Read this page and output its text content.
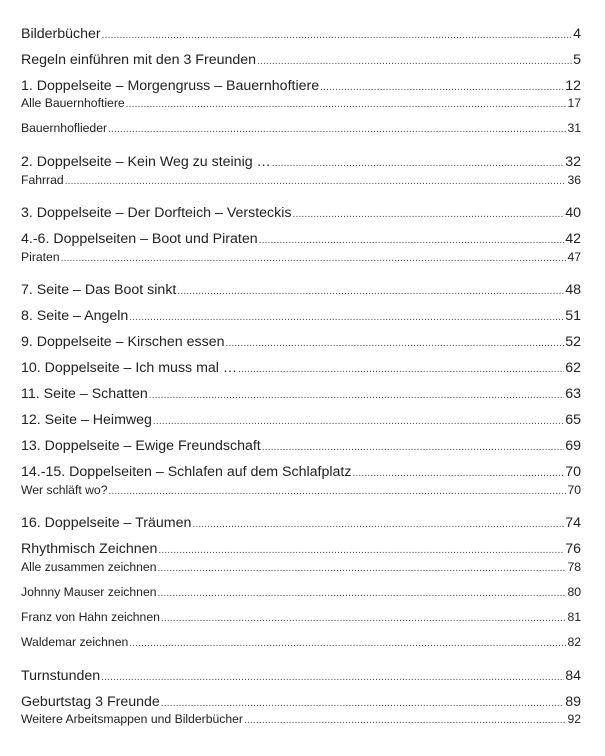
Bilderbücher .....	4
Regeln einführen mit den 3 Freunden .....	5
1. Doppelseite – Morgengruss – Bauernhoftiere .....	12
Alle Bauernhoftiere .....	17
Bauernhoflieder .....	31
2. Doppelseite – Kein Weg zu steinig … .....	32
Fahrrad .....	36
3. Doppelseite – Der Dorfteich – Versteckis .....	40
4.-6. Doppelseiten – Boot und Piraten .....	42
Piraten .....	47
7. Seite – Das Boot sinkt .....	48
8. Seite – Angeln .....	51
9. Doppelseite – Kirschen essen .....	52
10. Doppelseite – Ich muss mal … .....	62
11. Seite – Schatten .....	63
12. Seite – Heimweg .....	65
13. Doppelseite – Ewige Freundschaft .....	69
14.-15. Doppelseiten – Schlafen auf dem Schlafplatz .....	70
Wer schläft wo? .....	70
16. Doppelseite – Träumen .....	74
Rhythmisch Zeichnen .....	76
Alle zusammen zeichnen .....	78
Johnny Mauser zeichnen .....	80
Franz von Hahn zeichnen .....	81
Waldemar zeichnen .....	82
Turnstunden .....	84
Geburtstag 3 Freunde .....	89
Weitere Arbeitsmappen und Bilderbücher .....	92
